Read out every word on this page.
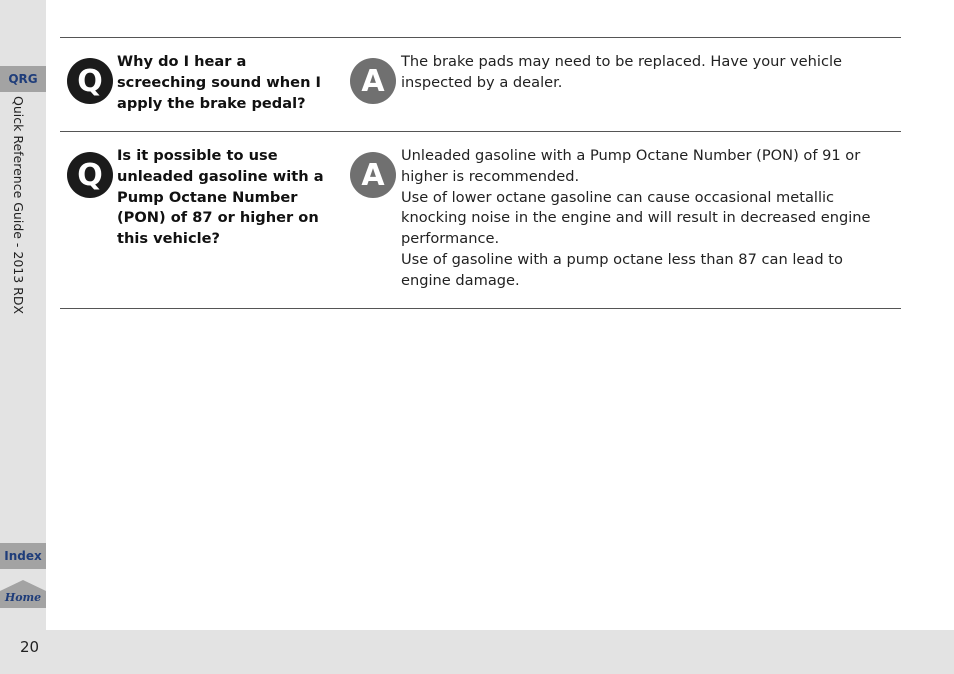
QRG
Quick Reference Guide - 2013 RDX
Index
Home
20
Q
Why do I hear a screeching sound when I apply the brake pedal?
A

The brake pads may need to be replaced. Have your vehicle inspected by a dealer.

Q
Is it possible to use unleaded gasoline with a Pump Octane Number (PON) of 87 or higher on this vehicle?
A

Unleaded gasoline with a Pump Octane Number (PON) of 91 or higher is recommended.

Use of lower octane gasoline can cause occasional metallic knocking noise in the engine and will result in decreased engine performance.

Use of gasoline with a pump octane less than 87 can lead to engine damage.
